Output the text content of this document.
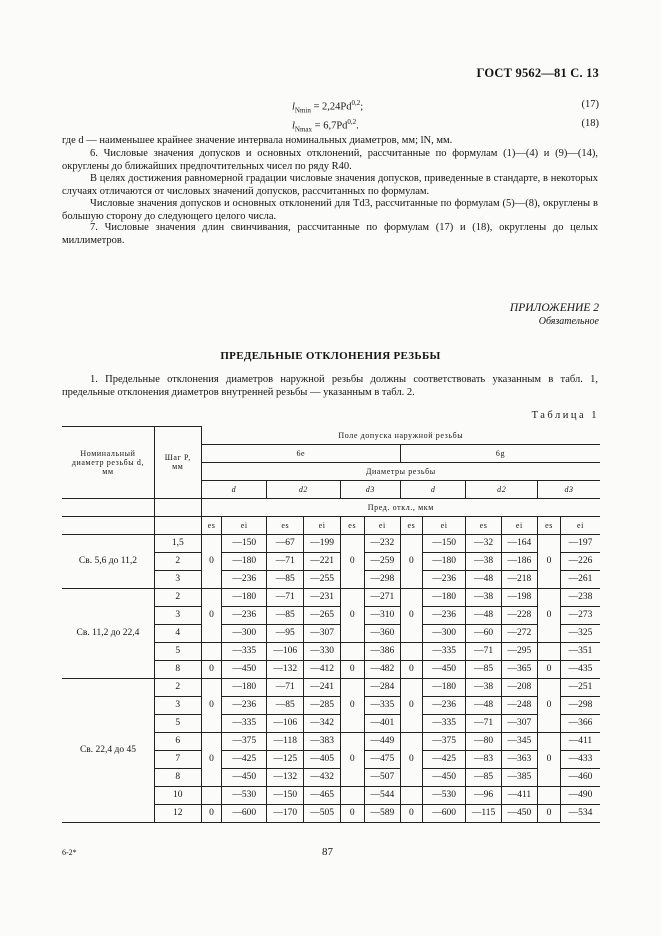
ГОСТ 9562—81 С. 13
$l_{Nmin} = 2,24Pd^{0,2}$;	(17)
$l_{Nmax} = 6,7Pd^{0,2}$.	(18)
где d — наименьшее крайнее значение интервала номинальных диаметров, мм; lN, мм.
6. Числовые значения допусков и основных отклонений, рассчитанные по формулам (1)—(4) и (9)—(14), округлены до ближайших предпочтительных чисел по ряду R40.
В целях достижения равномерной градации числовые значения допусков, приведенные в стандарте, в некоторых случаях отличаются от числовых значений допусков, рассчитанных по формулам.
Числовые значения допусков и основных отклонений для Td3, рассчитанные по формулам (5)—(8), округлены в большую сторону до следующего целого числа.
7. Числовые значения длин свинчивания, рассчитанные по формулам (17) и (18), округлены до целых миллиметров.
ПРИЛОЖЕНИЕ 2
Обязательное
ПРЕДЕЛЬНЫЕ ОТКЛОНЕНИЯ РЕЗЬБЫ
1. Предельные отклонения диаметров наружной резьбы должны соответствовать указанным в табл. 1, предельные отклонения диаметров внутренней резьбы — указанным в табл. 2.
Таблица 1
Номинальный диаметр резьбы d, мм	Шаг P, мм	Поле допуска наружной резьбы											
		6e						6g					
		Диаметры резьбы											
		d		d2		d3		d		d2		d3	
		Пред. откл., мкм											
		es	ei	es	ei	es	ei	es	ei	es	ei	es	ei
Св. 5,6 до 11,2	1,5	0	—150	—67	—199	0	—232	0	—150	—32	—164	0	—197
	2		—180	—71	—221		—259		—180	—38	—186		—226
	3		—236	—85	—255		—298		—236	—48	—218		—261
Св. 11,2 до 22,4	2	0	—180	—71	—231	0	—271	0	—180	—38	—198	0	—238
	3		—236	—85	—265		—310		—236	—48	—228		—273
	4		—300	—95	—307		—360		—300	—60	—272		—325
	5		—335	—106	—330		—386		—335	—71	—295		—351
	8	0	—450	—132	—412	0	—482	0	—450	—85	—365	0	—435
Св. 22,4 до 45	2	0	—180	—71	—241	0	—284	0	—180	—38	—208	0	—251
	3		—236	—85	—285		—335		—236	—48	—248		—298
	5		—335	—106	—342		—401		—335	—71	—307		—366
	6	0	—375	—118	—383	0	—449	0	—375	—80	—345	0	—411
	7		—425	—125	—405		—475		—425	—83	—363		—433
	8		—450	—132	—432		—507		—450	—85	—385		—460
	10		—530	—150	—465		—544		—530	—96	—411		—490
	12	0	—600	—170	—505	0	—589	0	—600	—115	—450	0	—534
6-2*	87
